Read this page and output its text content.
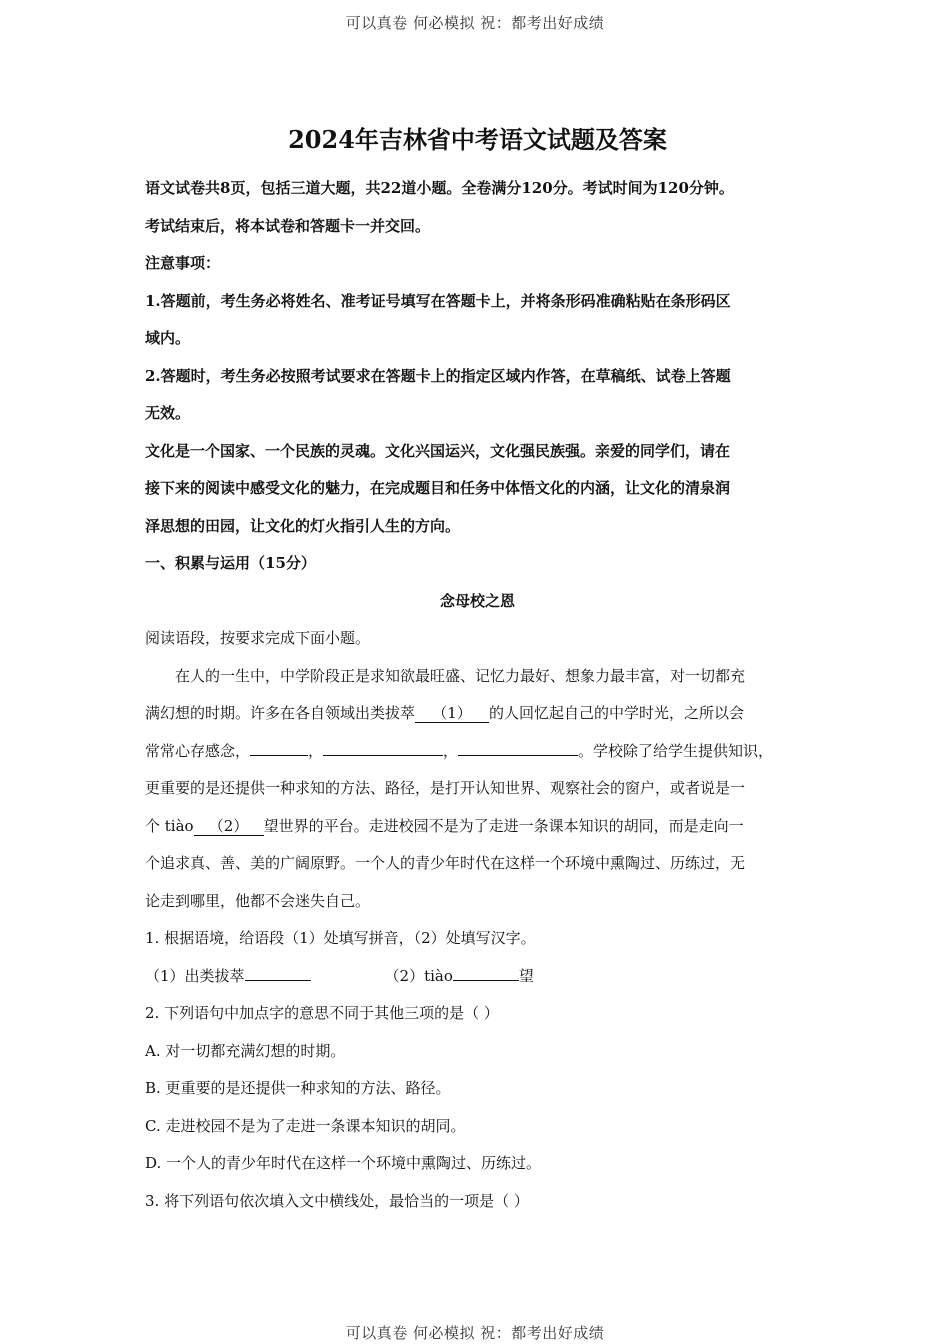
可以真卷 何必模拟 祝：都考出好成绩
2024年吉林省中考语文试题及答案

语文试卷共8页，包括三道大题，共22道小题。全卷满分120分。考试时间为120分钟。

考试结束后，将本试卷和答题卡一并交回。

注意事项：

1.答题前，考生务必将姓名、准考证号填写在答题卡上，并将条形码准确粘贴在条形码区

域内。

2.答题时，考生务必按照考试要求在答题卡上的指定区域内作答，在草稿纸、试卷上答题

无效。

文化是一个国家、一个民族的灵魂。文化兴国运兴，文化强民族强。亲爱的同学们，请在

接下来的阅读中感受文化的魅力，在完成题目和任务中体悟文化的内涵，让文化的清泉润

泽思想的田园，让文化的灯火指引人生的方向。

一、积累与运用（15分）

念母校之恩

阅读语段，按要求完成下面小题。

在人的一生中，中学阶段正是求知欲最旺盛、记忆力最好、想象力最丰富，对一切都充

满幻想的时期。许多在各自领域出类拔萃 （1） 的人回忆起自己的中学时光，之所以会

常常心存感念，	，	，	。学校除了给学生提供知识，

更重要的是还提供一种求知的方法、路径，是打开认知世界、观察社会的窗户，或者说是一

个 tiào （2） 望世界的平台。走进校园不是为了走进一条课本知识的胡同，而是走向一

个追求真、善、美的广阔原野。一个人的青少年时代在这样一个环境中熏陶过、历练过，无

论走到哪里，他都不会迷失自己。

1. 根据语境，给语段（1）处填写拼音，（2）处填写汉字。

（1）出类拔萃	（2）tiào	望

2. 下列语句中加点字的意思不同于其他三项的是（ ）

A. 对一切都充满幻想的时期。

B. 更重要的是还提供一种求知的方法、路径。

C. 走进校园不是为了走进一条课本知识的胡同。

D. 一个人的青少年时代在这样一个环境中熏陶过、历练过。

3. 将下列语句依次填入文中横线处，最恰当的一项是（ ）

可以真卷 何必模拟 祝：都考出好成绩
